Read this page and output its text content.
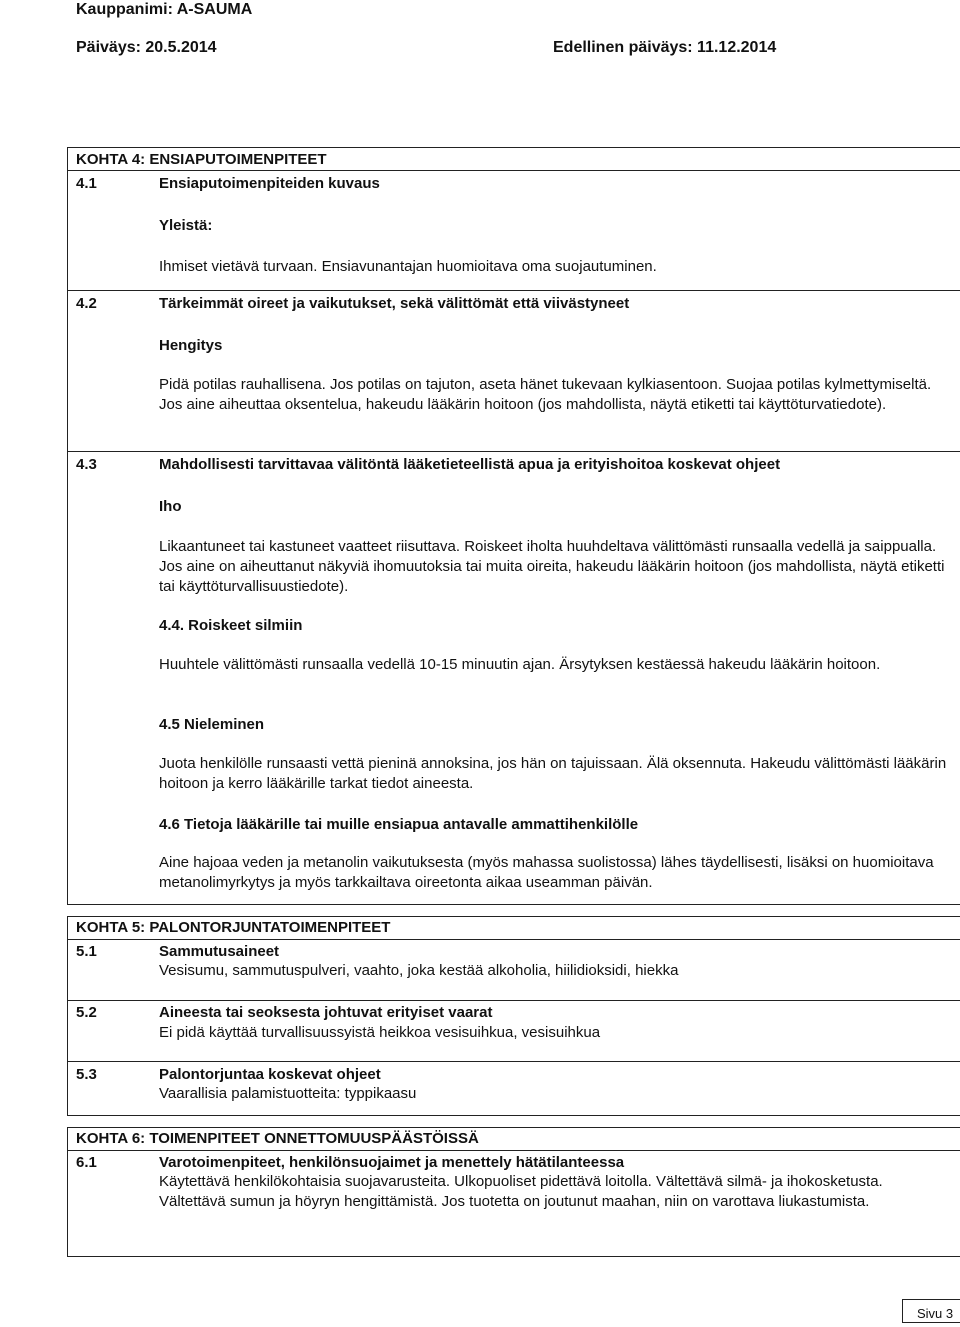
Kauppanimi: A-SAUMA
Päiväys: 20.5.2014	Edellinen päiväys: 11.12.2014
KOHTA 4: ENSIAPUTOIMENPITEET
4.1	Ensiaputoimenpiteiden kuvaus
Yleistä:
Ihmiset vietävä turvaan. Ensiavunantajan huomioitava oma suojautuminen.
4.2	Tärkeimmät oireet ja vaikutukset, sekä välittömät että viivästyneet
Hengitys
Pidä potilas rauhallisena. Jos potilas on tajuton, aseta hänet tukevaan kylkiasentoon. Suojaa potilas kylmettymiseltä. Jos aine aiheuttaa oksentelua, hakeudu lääkärin hoitoon (jos mahdollista, näytä etiketti tai käyttöturvatiedote).
4.3	Mahdollisesti tarvittavaa välitöntä lääketieteellistä apua ja erityishoitoa koskevat ohjeet
Iho
Likaantuneet tai kastuneet vaatteet riisuttava. Roiskeet iholta huuhdeltava välittömästi runsaalla vedellä ja saippualla. Jos aine on aiheuttanut näkyviä ihomuutoksia tai muita oireita, hakeudu lääkärin hoitoon (jos mahdollista, näytä etiketti tai käyttöturvallisuustiedote).
4.4. Roiskeet silmiin
Huuhtele välittömästi runsaalla vedellä 10-15 minuutin ajan. Ärsytyksen kestäessä hakeudu lääkärin hoitoon.
4.5 Nieleminen
Juota henkilölle runsaasti vettä pieninä annoksina, jos hän on tajuissaan. Älä oksennuta. Hakeudu välittömästi lääkärin hoitoon ja kerro lääkärille tarkat tiedot aineesta.
4.6 Tietoja lääkärille tai muille ensiapua antavalle ammattihenkilölle
Aine hajoaa veden ja metanolin vaikutuksesta (myös mahassa suolistossa) lähes täydellisesti, lisäksi on huomioitava metanolimyrkytys ja myös tarkkailtava oireetonta aikaa useamman päivän.
KOHTA 5: PALONTORJUNTATOIMENPITEET
5.1	Sammutusaineet
Vesisumu, sammutuspulveri, vaahto, joka kestää alkoholia, hiilidioksidi, hiekka
5.2	Aineesta tai seoksesta johtuvat erityiset vaarat
Ei pidä käyttää turvallisuussyistä heikkoa vesisuihkua, vesisuihkua
5.3	Palontorjuntaa koskevat ohjeet
Vaarallisia palamistuotteita: typpikaasu
KOHTA 6: TOIMENPITEET ONNETTOMUUSPÄÄSTÖISSÄ
6.1	Varotoimenpiteet, henkilönsuojaimet ja menettely hätätilanteessa
Käytettävä henkilökohtaisia suojavarusteita. Ulkopuoliset pidettävä loitolla. Vältettävä silmä- ja ihokosketusta. Vältettävä sumun ja höyryn hengittämistä. Jos tuotetta on joutunut maahan, niin on varottava liukastumista.
Sivu 3
